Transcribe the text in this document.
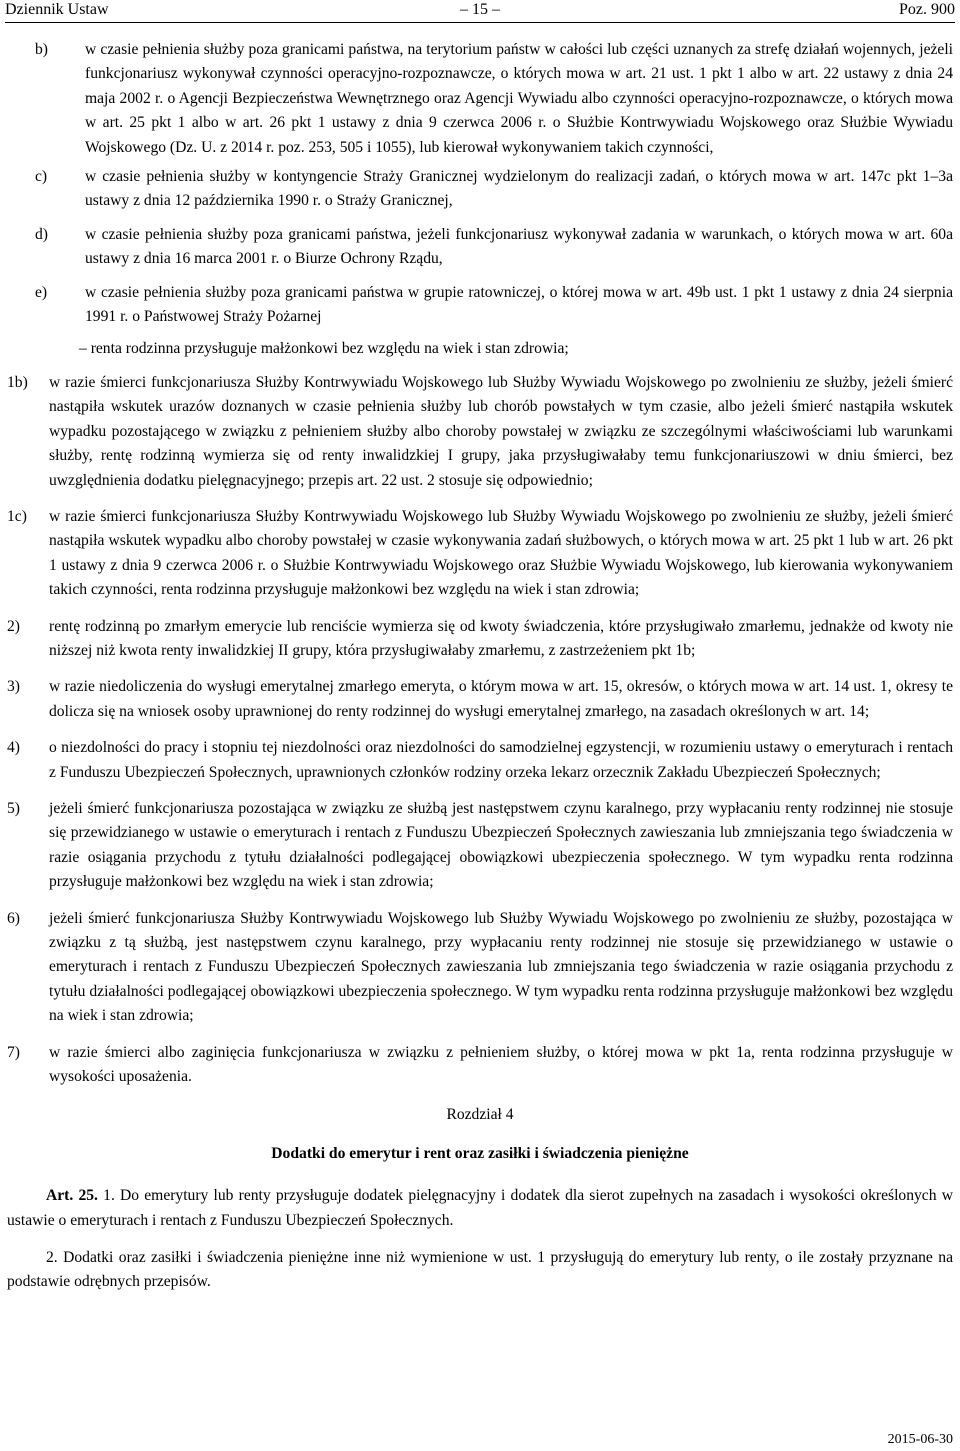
Dziennik Ustaw	– 15 –	Poz. 900
b) w czasie pełnienia służby poza granicami państwa, na terytorium państw w całości lub części uznanych za strefę działań wojennych, jeżeli funkcjonariusz wykonywał czynności operacyjno-rozpoznawcze, o których mowa w art. 21 ust. 1 pkt 1 albo w art. 22 ustawy z dnia 24 maja 2002 r. o Agencji Bezpieczeństwa Wewnętrznego oraz Agencji Wywiadu albo czynności operacyjno-rozpoznawcze, o których mowa w art. 25 pkt 1 albo w art. 26 pkt 1 ustawy z dnia 9 czerwca 2006 r. o Służbie Kontrwywiadu Wojskowego oraz Służbie Wywiadu Wojskowego (Dz. U. z 2014 r. poz. 253, 505 i 1055), lub kierował wykonywaniem takich czynności,
c) w czasie pełnienia służby w kontyngencie Straży Granicznej wydzielonym do realizacji zadań, o których mowa w art. 147c pkt 1–3a ustawy z dnia 12 października 1990 r. o Straży Granicznej,
d) w czasie pełnienia służby poza granicami państwa, jeżeli funkcjonariusz wykonywał zadania w warunkach, o których mowa w art. 60a ustawy z dnia 16 marca 2001 r. o Biurze Ochrony Rządu,
e) w czasie pełnienia służby poza granicami państwa w grupie ratowniczej, o której mowa w art. 49b ust. 1 pkt 1 ustawy z dnia 24 sierpnia 1991 r. o Państwowej Straży Pożarnej
– renta rodzinna przysługuje małżonkowi bez względu na wiek i stan zdrowia;
1b) w razie śmierci funkcjonariusza Służby Kontrwywiadu Wojskowego lub Służby Wywiadu Wojskowego po zwolnieniu ze służby, jeżeli śmierć nastąpiła wskutek urazów doznanych w czasie pełnienia służby lub chorób powstałych w tym czasie, albo jeżeli śmierć nastąpiła wskutek wypadku pozostającego w związku z pełnieniem służby albo choroby powstałej w związku ze szczególnymi właściwościami lub warunkami służby, rentę rodzinną wymierza się od renty inwalidzkiej I grupy, jaka przysługiwałaby temu funkcjonariuszowi w dniu śmierci, bez uwzględnienia dodatku pielęgnacyjnego; przepis art. 22 ust. 2 stosuje się odpowiednio;
1c) w razie śmierci funkcjonariusza Służby Kontrwywiadu Wojskowego lub Służby Wywiadu Wojskowego po zwolnieniu ze służby, jeżeli śmierć nastąpiła wskutek wypadku albo choroby powstałej w czasie wykonywania zadań służbowych, o których mowa w art. 25 pkt 1 lub w art. 26 pkt 1 ustawy z dnia 9 czerwca 2006 r. o Służbie Kontrwywiadu Wojskowego oraz Służbie Wywiadu Wojskowego, lub kierowania wykonywaniem takich czynności, renta rodzinna przysługuje małżonkowi bez względu na wiek i stan zdrowia;
2) rentę rodzinną po zmarłym emerycie lub renciście wymierza się od kwoty świadczenia, które przysługiwało zmarłemu, jednakże od kwoty nie niższej niż kwota renty inwalidzkiej II grupy, która przysługiwałaby zmarłemu, z zastrzeżeniem pkt 1b;
3) w razie niedoliczenia do wysługi emerytalnej zmarłego emeryta, o którym mowa w art. 15, okresów, o których mowa w art. 14 ust. 1, okresy te dolicza się na wniosek osoby uprawnionej do renty rodzinnej do wysługi emerytalnej zmarłego, na zasadach określonych w art. 14;
4) o niezdolności do pracy i stopniu tej niezdolności oraz niezdolności do samodzielnej egzystencji, w rozumieniu ustawy o emeryturach i rentach z Funduszu Ubezpieczeń Społecznych, uprawnionych członków rodziny orzeka lekarz orzecznik Zakładu Ubezpieczeń Społecznych;
5) jeżeli śmierć funkcjonariusza pozostająca w związku ze służbą jest następstwem czynu karalnego, przy wypłacaniu renty rodzinnej nie stosuje się przewidzianego w ustawie o emeryturach i rentach z Funduszu Ubezpieczeń Społecznych zawieszania lub zmniejszania tego świadczenia w razie osiągania przychodu z tytułu działalności podlegającej obowiązkowi ubezpieczenia społecznego. W tym wypadku renta rodzinna przysługuje małżonkowi bez względu na wiek i stan zdrowia;
6) jeżeli śmierć funkcjonariusza Służby Kontrwywiadu Wojskowego lub Służby Wywiadu Wojskowego po zwolnieniu ze służby, pozostająca w związku z tą służbą, jest następstwem czynu karalnego, przy wypłacaniu renty rodzinnej nie stosuje się przewidzianego w ustawie o emeryturach i rentach z Funduszu Ubezpieczeń Społecznych zawieszania lub zmniejszania tego świadczenia w razie osiągania przychodu z tytułu działalności podlegającej obowiązkowi ubezpieczenia społecznego. W tym wypadku renta rodzinna przysługuje małżonkowi bez względu na wiek i stan zdrowia;
7) w razie śmierci albo zaginięcia funkcjonariusza w związku z pełnieniem służby, o której mowa w pkt 1a, renta rodzinna przysługuje w wysokości uposażenia.
Rozdział 4
Dodatki do emerytur i rent oraz zasiłki i świadczenia pieniężne
Art. 25. 1. Do emerytury lub renty przysługuje dodatek pielęgnacyjny i dodatek dla sierot zupełnych na zasadach i wysokości określonych w ustawie o emeryturach i rentach z Funduszu Ubezpieczeń Społecznych.
2. Dodatki oraz zasiłki i świadczenia pieniężne inne niż wymienione w ust. 1 przysługują do emerytury lub renty, o ile zostały przyznane na podstawie odrębnych przepisów.
2015-06-30
